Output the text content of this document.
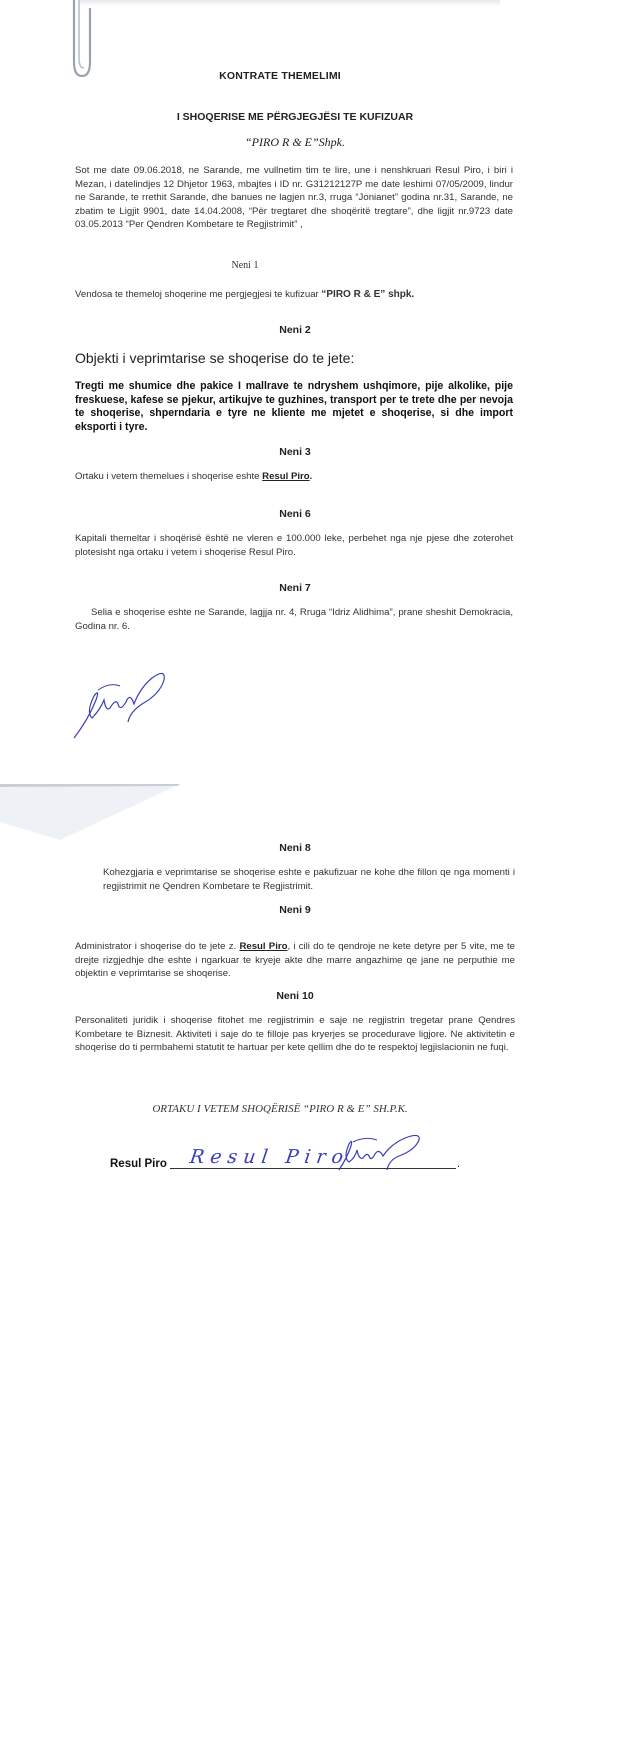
KONTRATE THEMELIMI
I SHOQERISE ME PËRGJEGJËSI TE KUFIZUAR
“PIRO R & E”Shpk.
Sot me date 09.06.2018, ne Sarande, me vullnetim tim te lire, une i nenshkruari Resul Piro, i biri i Mezan, i datelindjes 12 Dhjetor 1963, mbajtes i ID nr. G31212127P me date leshimi 07/05/2009, lindur ne Sarande, te rrethit Sarande, dhe banues ne lagjen nr.3, rruga “Jonianet” godina nr.31, Sarande, ne zbatim te Ligjit 9901, date 14.04.2008, “Për tregtaret dhe shoqëritë tregtare”, dhe ligjit nr.9723 date 03.05.2013 “Per Qendren Kombetare te Regjistrimit” ,
Neni 1
Vendosa te themeloj shoqerine me pergjegjesi te kufizuar “PIRO R & E” shpk.
Neni 2
Objekti i veprimtarise se shoqerise do te jete:
Tregti me shumice dhe pakice I mallrave te ndryshem ushqimore, pije alkolike, pije freskuese, kafese se pjekur, artikujve te guzhines, transport per te trete dhe per nevoja te shoqerise, shperndaria e tyre ne kliente me mjetet e shoqerise, si dhe import eksporti i tyre.
Neni 3
Ortaku i vetem themelues i shoqerise eshte Resul Piro.
Neni 6
Kapitali themeltar i shoqërisë është ne vleren e 100.000 leke, perbehet nga nje pjese dhe zoterohet plotesisht nga ortaku i vetem i shoqerise Resul Piro.
Neni 7
Selia e shoqerise eshte ne Sarande, lagjja nr. 4, Rruga “Idriz Alidhima”, prane sheshit Demokracia, Godina nr. 6.
Neni 8
Kohezgjaria e veprimtarise se shoqerise eshte e pakufizuar ne kohe dhe fillon qe nga momenti i regjistrimit ne Qendren Kombetare te Regjistrimit.
Neni 9
Administrator i shoqerise do te jete z. Resul Piro, i cili do te qendroje ne kete detyre per 5 vite, me te drejte rizgjedhje dhe eshte i ngarkuar te kryeje akte dhe marre angazhime qe jane ne perputhie me objektin e veprimtarise se shoqerise.
Neni 10
Personaliteti juridik i shoqerise fitohet me regjistrimin e saje ne regjistrin tregetar prane Qendres Kombetare te Biznesit. Aktiviteti i saje do te filloje pas kryerjes se procedurave ligjore. Ne aktivitetin e shoqerise do ti permbahemi statutit te hartuar per kete qellim dhe do te respektoj legjislacionin ne fuqi.
ORTAKU I VETEM SHOQËRISË “PIRO R & E” SH.P.K.
Resul Piro	.
Resul Piro
